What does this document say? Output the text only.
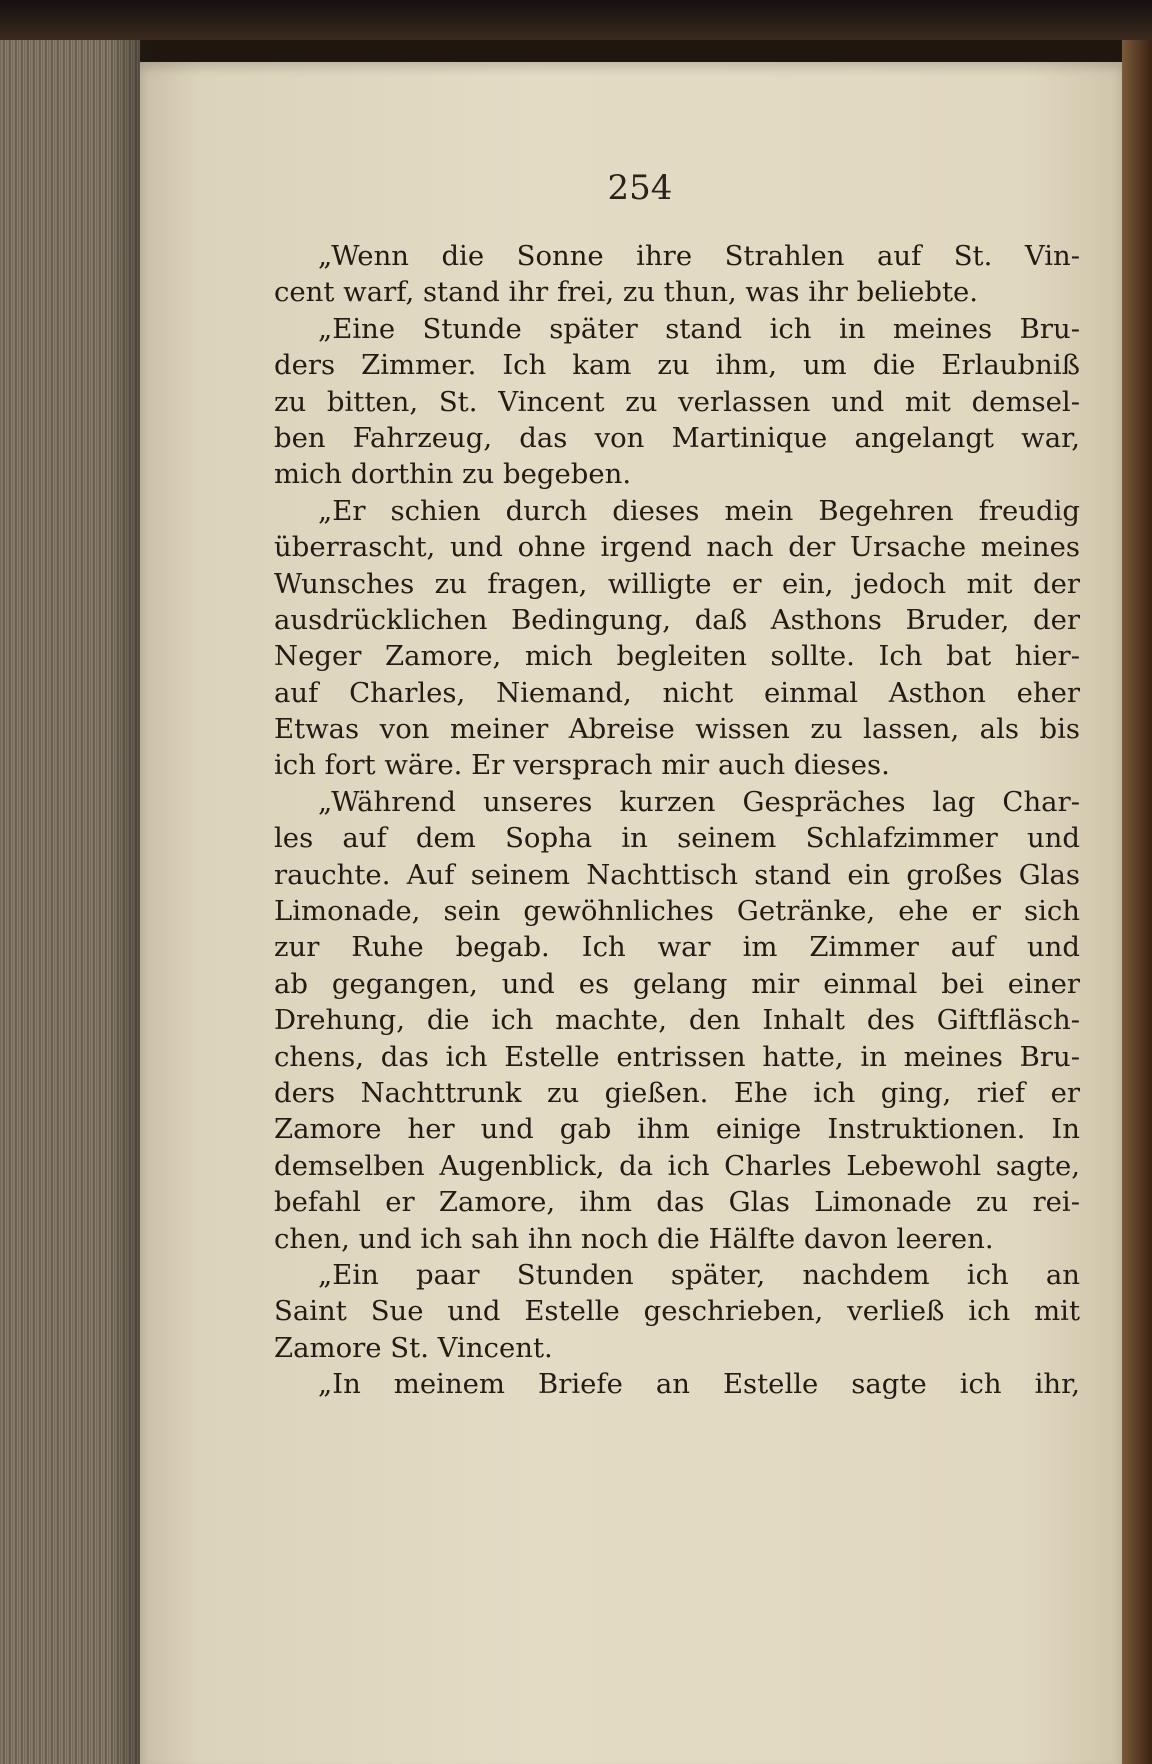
254
„Wenn die Sonne ihre Strahlen auf St. Vin-
cent warf, stand ihr frei, zu thun, was ihr beliebte.
„Eine Stunde später stand ich in meines Bru-
ders Zimmer. Ich kam zu ihm, um die Erlaubniß
zu bitten, St. Vincent zu verlassen und mit demsel-
ben Fahrzeug, das von Martinique angelangt war,
mich dorthin zu begeben.
„Er schien durch dieses mein Begehren freudig
überrascht, und ohne irgend nach der Ursache meines
Wunsches zu fragen, willigte er ein, jedoch mit der
ausdrücklichen Bedingung, daß Asthons Bruder, der
Neger Zamore, mich begleiten sollte. Ich bat hier-
auf Charles, Niemand, nicht einmal Asthon eher
Etwas von meiner Abreise wissen zu lassen, als bis
ich fort wäre. Er versprach mir auch dieses.
„Während unseres kurzen Gespräches lag Char-
les auf dem Sopha in seinem Schlafzimmer und
rauchte. Auf seinem Nachttisch stand ein großes Glas
Limonade, sein gewöhnliches Getränke, ehe er sich
zur Ruhe begab. Ich war im Zimmer auf und
ab gegangen, und es gelang mir einmal bei einer
Drehung, die ich machte, den Inhalt des Giftfläsch-
chens, das ich Estelle entrissen hatte, in meines Bru-
ders Nachttrunk zu gießen. Ehe ich ging, rief er
Zamore her und gab ihm einige Instruktionen. In
demselben Augenblick, da ich Charles Lebewohl sagte,
befahl er Zamore, ihm das Glas Limonade zu rei-
chen, und ich sah ihn noch die Hälfte davon leeren.
„Ein paar Stunden später, nachdem ich an
Saint Sue und Estelle geschrieben, verließ ich mit
Zamore St. Vincent.
„In meinem Briefe an Estelle sagte ich ihr,
